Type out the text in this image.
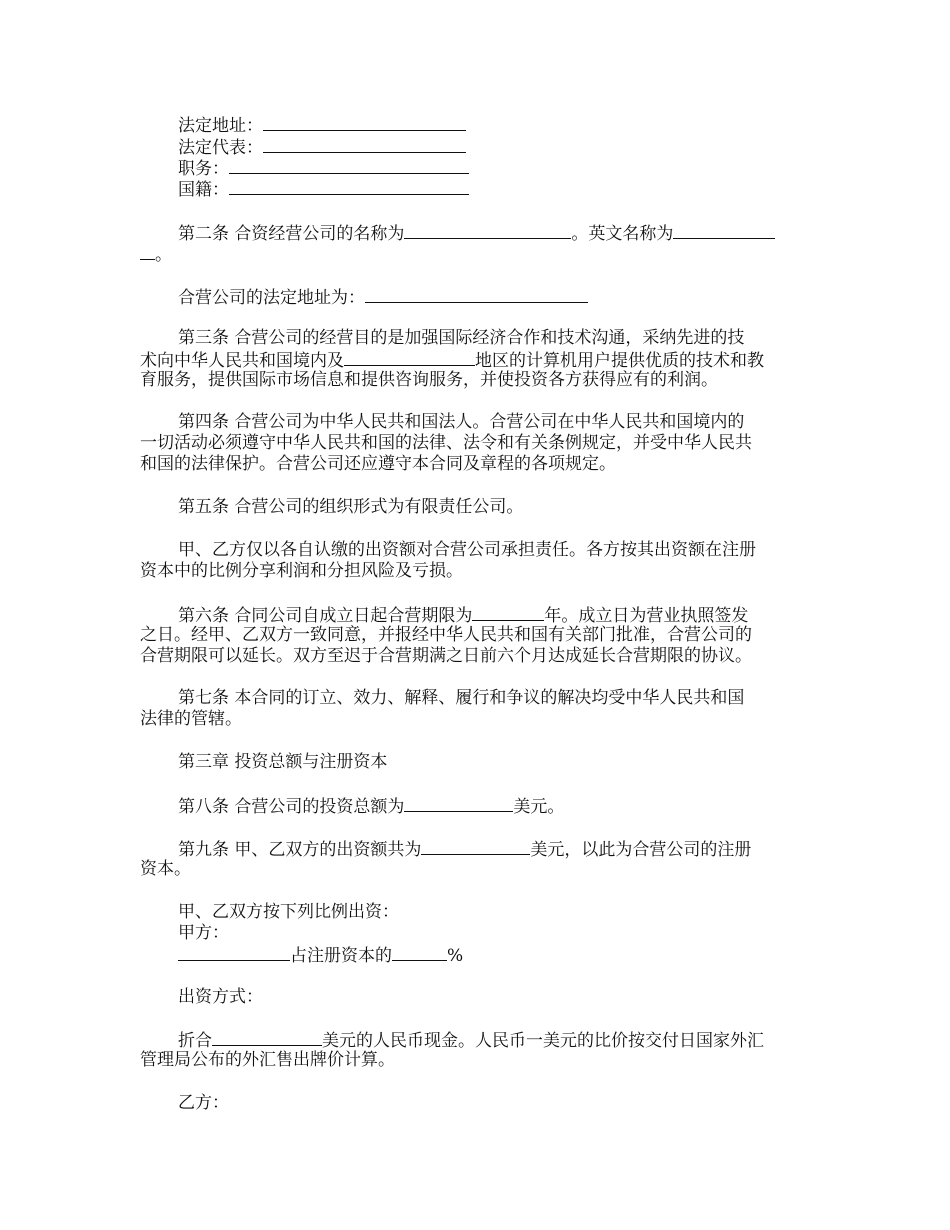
法定地址：
法定代表：
职务：
国籍：
第二条 合资经营公司的名称为	。英文名称为
。
合营公司的法定地址为：
第三条 合营公司的经营目的是加强国际经济合作和技术沟通，采纳先进的技
术向中华人民共和国境内及	地区的计算机用户提供优质的技术和教
育服务，提供国际市场信息和提供咨询服务，并使投资各方获得应有的利润。
第四条 合营公司为中华人民共和国法人。合营公司在中华人民共和国境内的
一切活动必须遵守中华人民共和国的法律、法令和有关条例规定，并受中华人民共
和国的法律保护。合营公司还应遵守本合同及章程的各项规定。
第五条 合营公司的组织形式为有限责任公司。
甲、乙方仅以各自认缴的出资额对合营公司承担责任。各方按其出资额在注册
资本中的比例分享利润和分担风险及亏损。
第六条 合同公司自成立日起合营期限为	年。成立日为营业执照签发
之日。经甲、乙双方一致同意，并报经中华人民共和国有关部门批准，合营公司的
合营期限可以延长。双方至迟于合营期满之日前六个月达成延长合营期限的协议。
第七条 本合同的订立、效力、解释、履行和争议的解决均受中华人民共和国
法律的管辖。
第三章 投资总额与注册资本
第八条 合营公司的投资总额为	美元。
第九条 甲、乙双方的出资额共为	美元，以此为合营公司的注册
资本。
甲、乙双方按下列比例出资：
甲方：
占注册资本的	%
出资方式：
折合	美元的人民币现金。人民币一美元的比价按交付日国家外汇
管理局公布的外汇售出牌价计算。
乙方：
